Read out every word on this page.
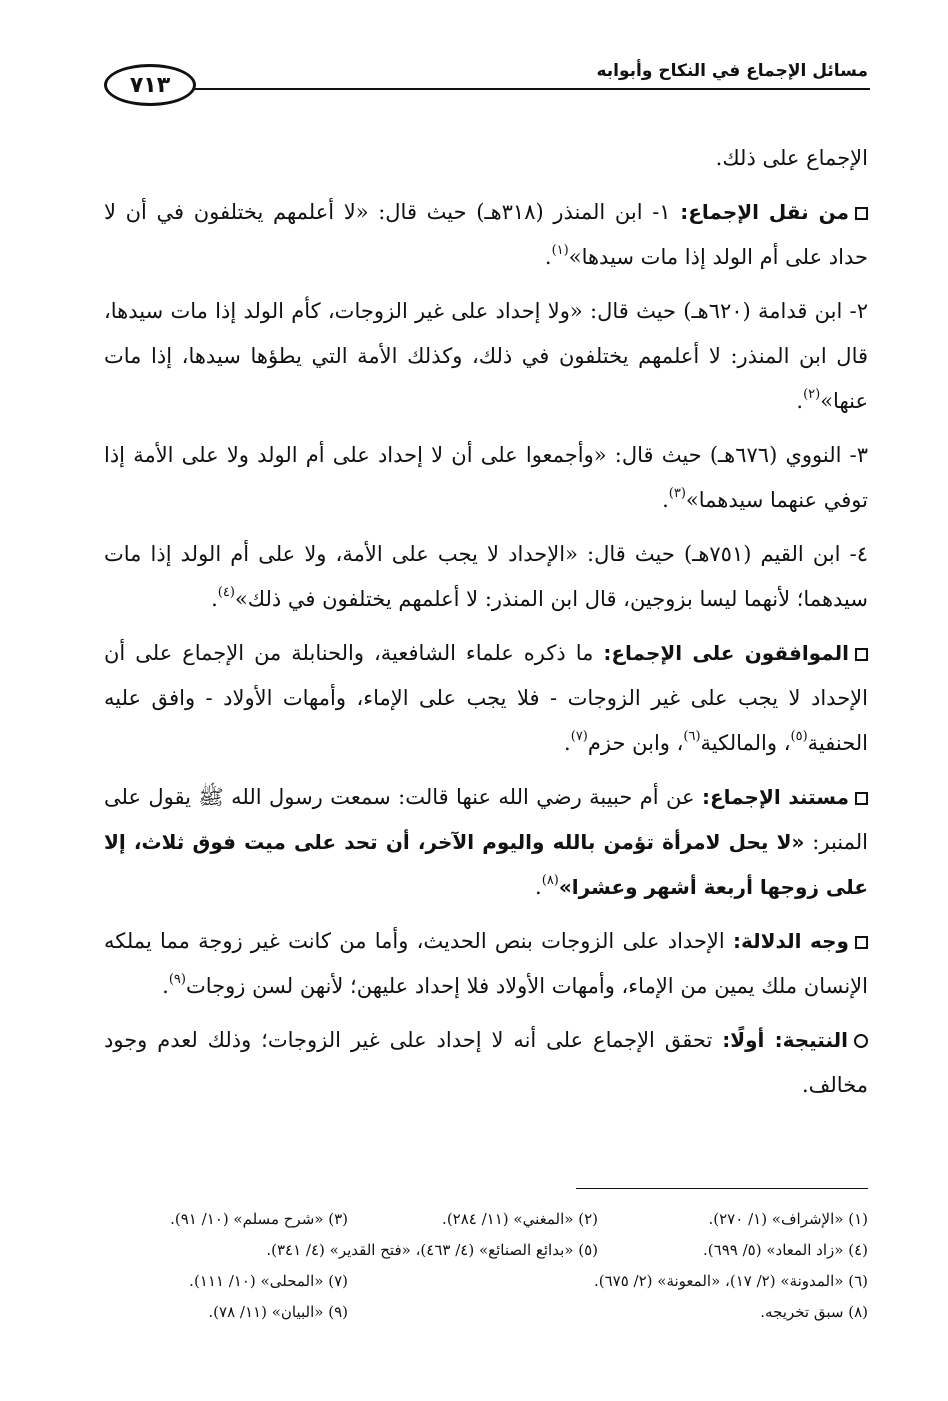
مسائل الإجماع في النكاح وأبوابه
٧١٣

الإجماع على ذلك.

من نقل الإجماع: ١- ابن المنذر (٣١٨هـ) حيث قال: «لا أعلمهم يختلفون في أن لا حداد على أم الولد إذا مات سيدها»$^{(١)}$.

٢- ابن قدامة (٦٢٠هـ) حيث قال: «ولا إحداد على غير الزوجات، كأم الولد إذا مات سيدها، قال ابن المنذر: لا أعلمهم يختلفون في ذلك، وكذلك الأمة التي يطؤها سيدها، إذا مات عنها»$^{(٢)}$.

٣- النووي (٦٧٦هـ) حيث قال: «وأجمعوا على أن لا إحداد على أم الولد ولا على الأمة إذا توفي عنهما سيدهما»$^{(٣)}$.

٤- ابن القيم (٧٥١هـ) حيث قال: «الإحداد لا يجب على الأمة، ولا على أم الولد إذا مات سيدهما؛ لأنهما ليسا بزوجين، قال ابن المنذر: لا أعلمهم يختلفون في ذلك»$^{(٤)}$.

الموافقون على الإجماع: ما ذكره علماء الشافعية، والحنابلة من الإجماع على أن الإحداد لا يجب على غير الزوجات - فلا يجب على الإماء، وأمهات الأولاد - وافق عليه الحنفية$^{(٥)}$، والمالكية$^{(٦)}$، وابن حزم$^{(٧)}$.

مستند الإجماع: عن أم حبيبة رضي الله عنها قالت: سمعت رسول الله ﷺ يقول على المنبر: «لا يحل لامرأة تؤمن بالله واليوم الآخر، أن تحد على ميت فوق ثلاث، إلا على زوجها أربعة أشهر وعشرا»$^{(٨)}$.

وجه الدلالة: الإحداد على الزوجات بنص الحديث، وأما من كانت غير زوجة مما يملكه الإنسان ملك يمين من الإماء، وأمهات الأولاد فلا إحداد عليهن؛ لأنهن لسن زوجات$^{(٩)}$.

النتيجة: أولًا: تحقق الإجماع على أنه لا إحداد على غير الزوجات؛ وذلك لعدم وجود مخالف.

(١) «الإشراف» (١/ ٢٧٠).
(٢) «المغني» (١١/ ٢٨٤).
(٣) «شرح مسلم» (١٠/ ٩١).
(٤) «زاد المعاد» (٥/ ٦٩٩).
(٥) «بدائع الصنائع» (٤/ ٤٦٣)، «فتح القدير» (٤/ ٣٤١).
(٦) «المدونة» (٢/ ١٧)، «المعونة» (٢/ ٦٧٥).
(٧) «المحلى» (١٠/ ١١١).
(٨) سبق تخريجه.
(٩) «البيان» (١١/ ٧٨).
